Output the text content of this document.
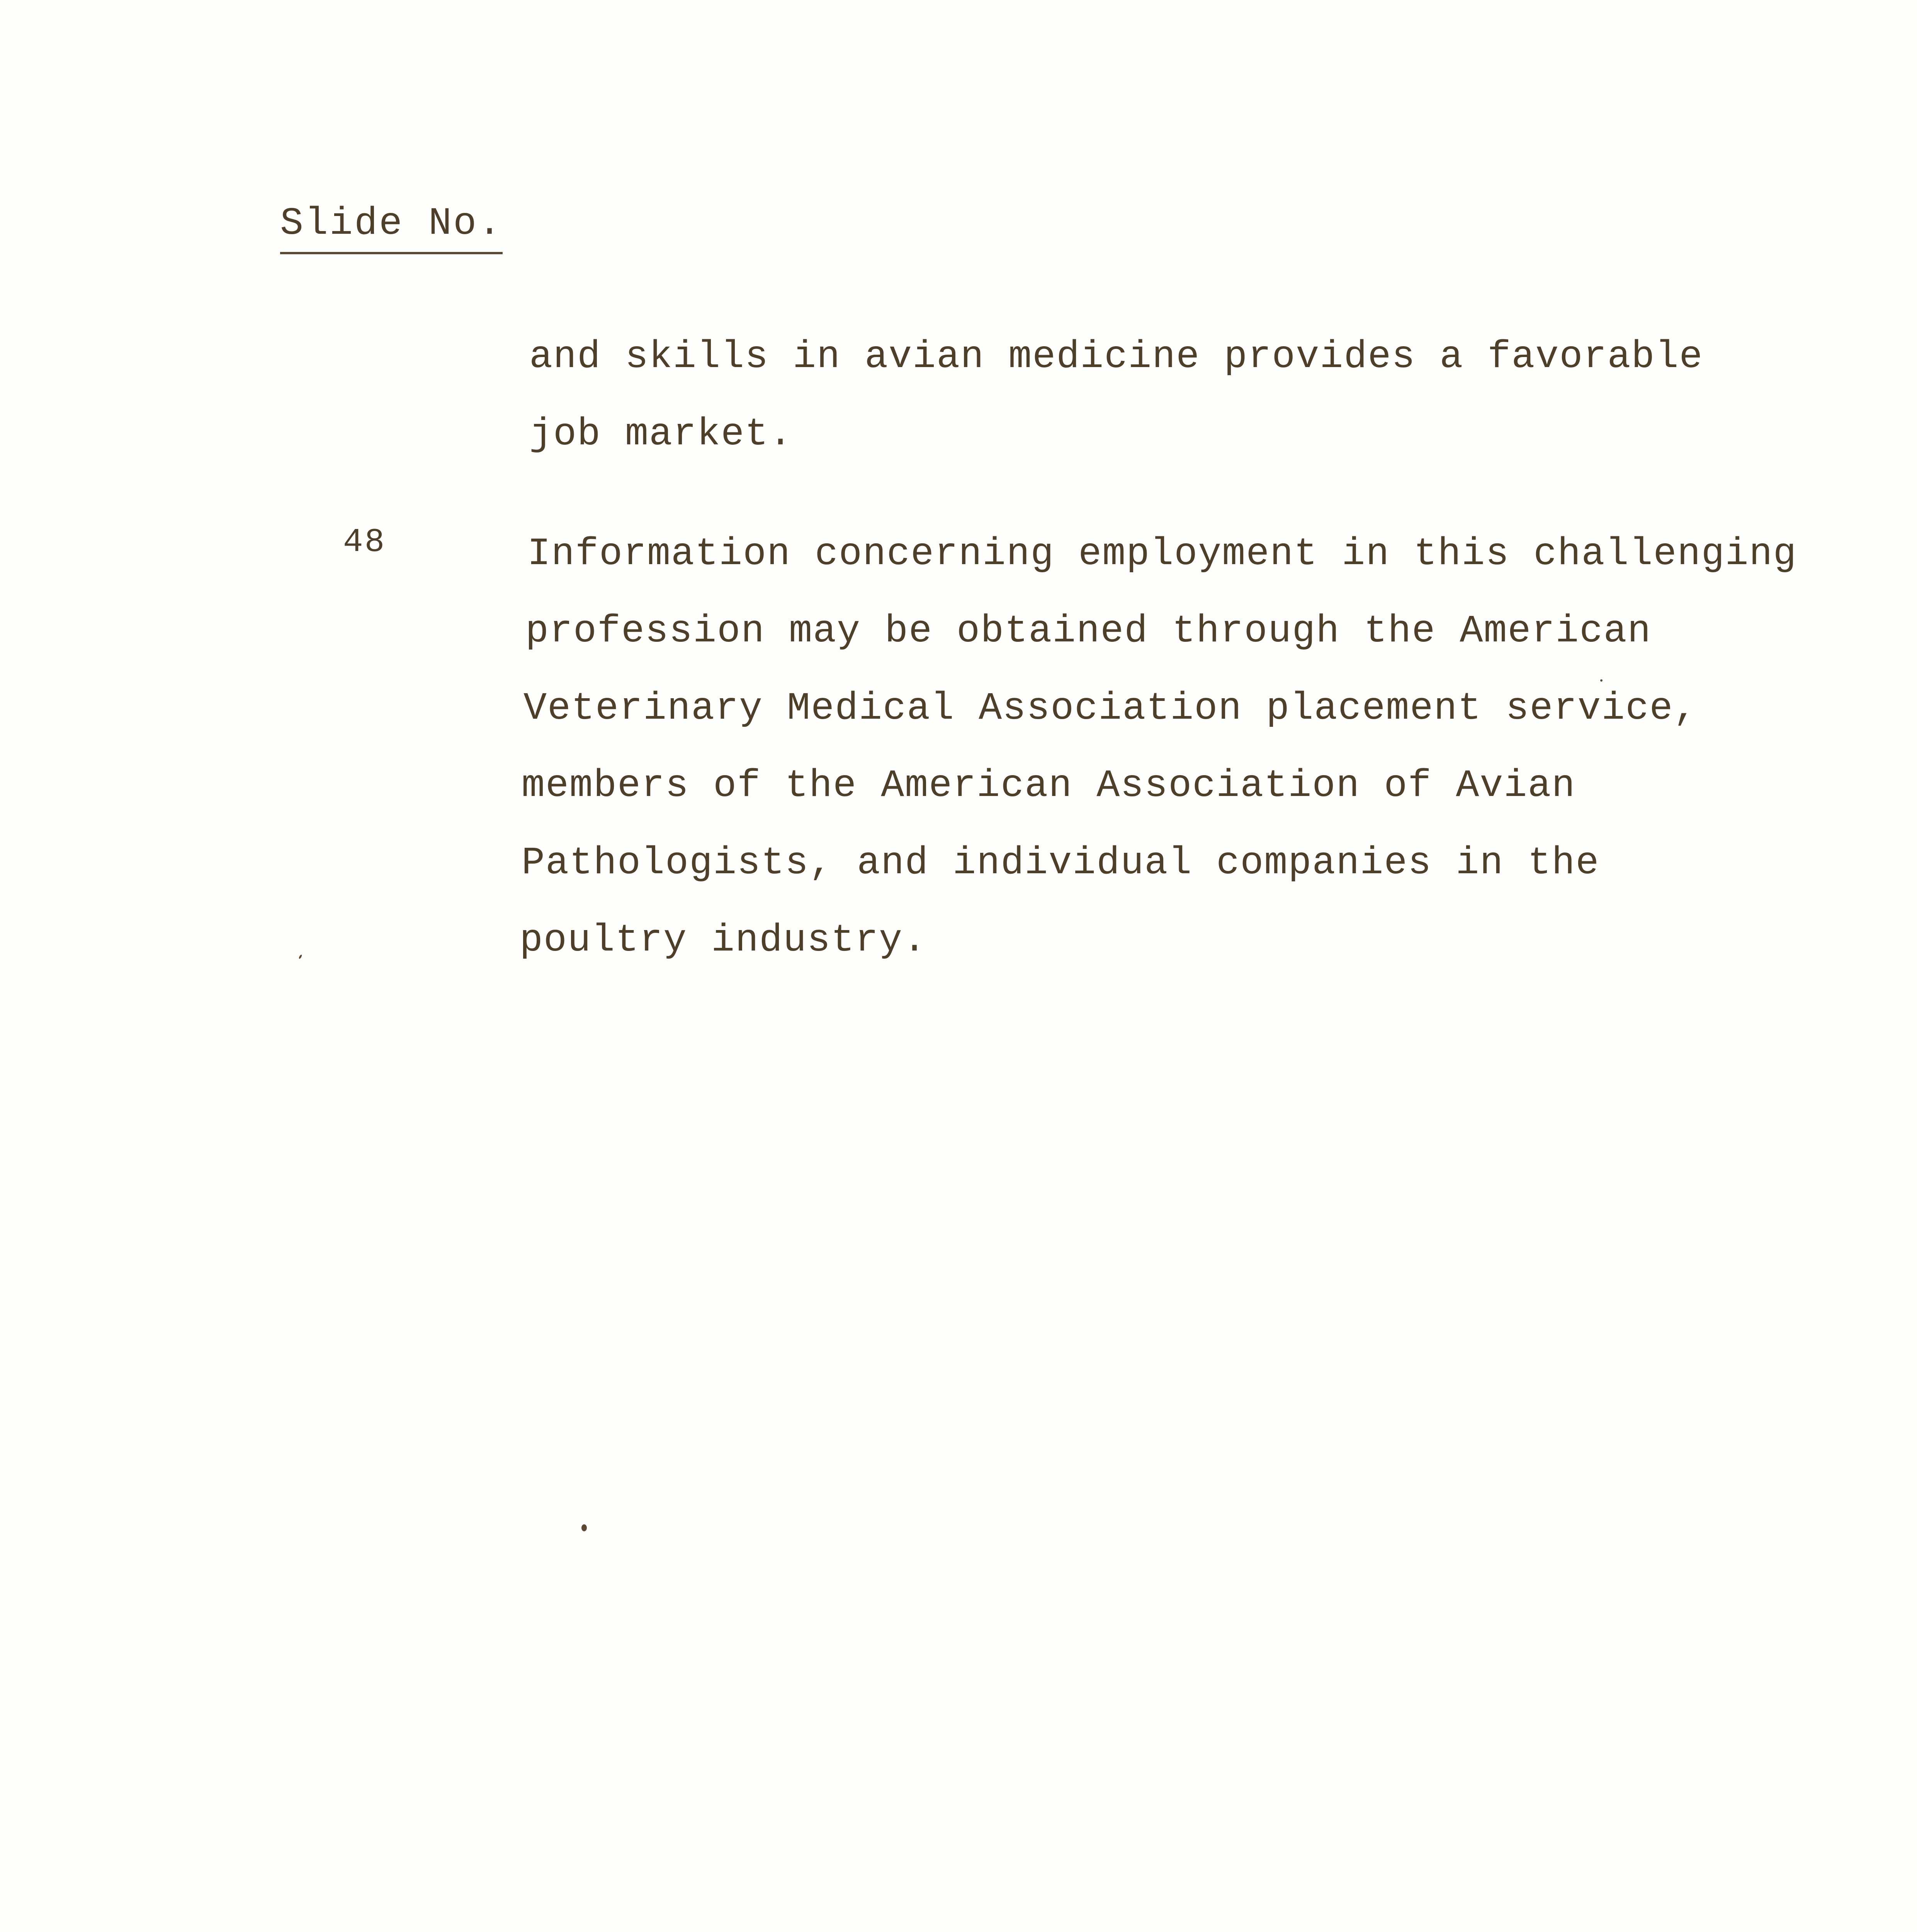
Slide No.
and skills in avian medicine provides a favorable
job market.
48	Information concerning employment in this challenging
profession may be obtained through the American
Veterinary Medical Association placement service,
members of the American Association of Avian
Pathologists, and individual companies in the
poultry industry.
